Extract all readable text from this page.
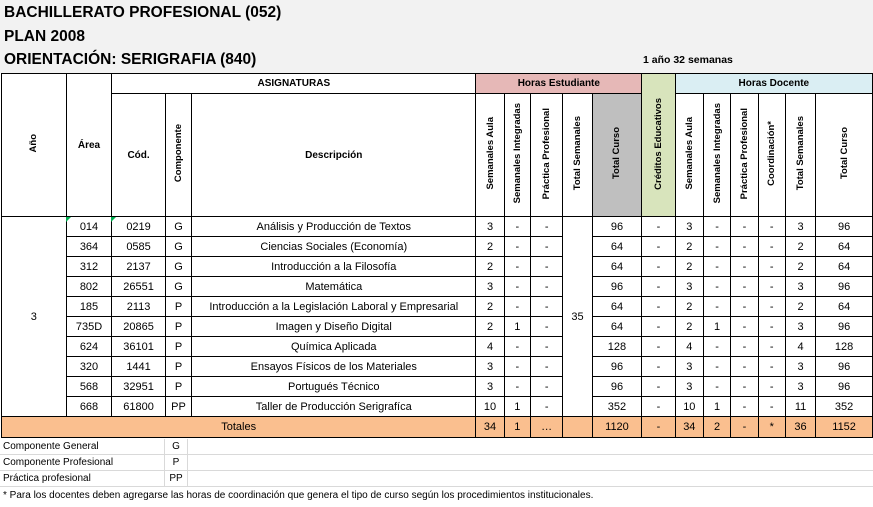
BACHILLERATO PROFESIONAL (052)
PLAN 2008
ORIENTACIÓN: SERIGRAFIA (840)	1 año 32 semanas
Año	Área	ASIGNATURAS			Horas Estudiante					Créditos Educativos	Horas Docente					
		Cód.	Componente	Descripción	Semanales Aula	Semanales Integradas	Práctica Profesional	Total Semanales	Total Curso		Semanales Aula	Semanales Integradas	Práctica Profesional	Coordinación*	Total Semanales	Total Curso
3	014	0219	G	Análisis y Producción de Textos	3	-	-	35	96	-	3	-	-	-	3	96
	364	0585	G	Ciencias Sociales (Economía)	2	-	-		64	-	2	-	-	-	2	64
	312	2137	G	Introducción a la Filosofía	2	-	-		64	-	2	-	-	-	2	64
	802	26551	G	Matemática	3	-	-		96	-	3	-	-	-	3	96
	185	2113	P	Introducción a la Legislación Laboral y Empresarial	2	-	-		64	-	2	-	-	-	2	64
	735D	20865	P	Imagen y Diseño Digital	2	1	-		64	-	2	1	-	-	3	96
	624	36101	P	Química Aplicada	4	-	-		128	-	4	-	-	-	4	128
	320	1441	P	Ensayos Físicos de los Materiales	3	-	-		96	-	3	-	-	-	3	96
	568	32951	P	Portugués Técnico	3	-	-		96	-	3	-	-	-	3	96
	668	61800	PP	Taller de Producción Serigrafíca	10	1	-		352	-	10	1	-	-	11	352
Totales					34	1	…		1120	-	34	2	-	*	36	1152
Componente General	G
Componente Profesional	P
Práctica profesional	PP
* Para los docentes deben agregarse las horas de coordinación que genera el tipo de curso según los procedimientos institucionales.
